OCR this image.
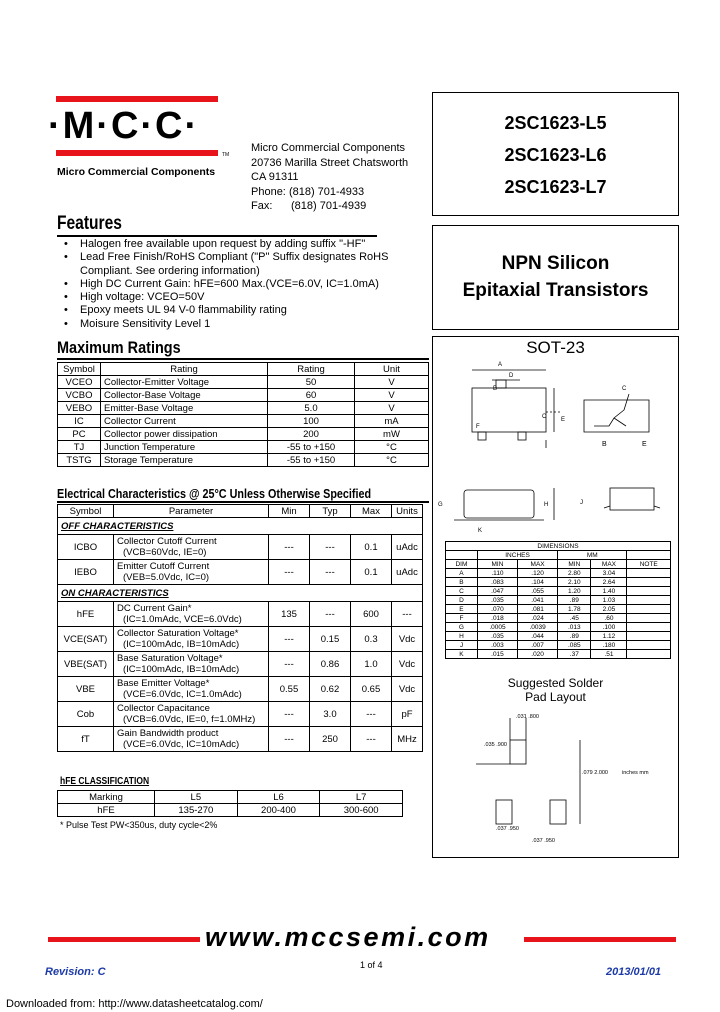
·M·C·C·
TM
Micro Commercial Components
Micro Commercial Components
20736 Marilla Street Chatsworth
CA 91311
Phone: (818) 701-4933
Fax: (818) 701-4939
2SC1623-L5
2SC1623-L6
2SC1623-L7
NPN Silicon
Epitaxial Transistors
Features
• Halogen free available upon request by adding suffix "-HF"
• Lead Free Finish/RoHS Compliant ("P" Suffix designates RoHS Compliant. See ordering information)
• High DC Current Gain: hFE=600 Max.(VCE=6.0V, IC=1.0mA)
• High voltage: VCEO=50V
• Epoxy meets UL 94 V-0 flammability rating
• Moisure Sensitivity Level 1
Maximum Ratings
Symbol	Rating	Rating	Unit
VCEO	Collector-Emitter Voltage	50	V
VCBO	Collector-Base Voltage	60	V
VEBO	Emitter-Base Voltage	5.0	V
IC	Collector Current	100	mA
PC	Collector power dissipation	200	mW
TJ	Junction Temperature	-55 to +150	°C
TSTG	Storage Temperature	-55 to +150	°C
Electrical Characteristics @ 25°C Unless Otherwise Specified
Symbol	Parameter	Min	Typ	Max	Units
OFF CHARACTERISTICS					
ICBO	Collector Cutoff Current
(VCB=60Vdc, IE=0)	---	---	0.1	uAdc
IEBO	Emitter Cutoff Current
(VEB=5.0Vdc, IC=0)	---	---	0.1	uAdc
ON CHARACTERISTICS					
hFE	DC Current Gain*
(IC=1.0mAdc, VCE=6.0Vdc)	135	---	600	---
VCE(SAT)	Collector Saturation Voltage*
(IC=100mAdc, IB=10mAdc)	---	0.15	0.3	Vdc
VBE(SAT)	Base Saturation Voltage*
(IC=100mAdc, IB=10mAdc)	---	0.86	1.0	Vdc
VBE	Base Emitter Voltage*
(VCE=6.0Vdc, IC=1.0mAdc)	0.55	0.62	0.65	Vdc
Cob	Collector Capacitance
(VCB=6.0Vdc, IE=0, f=1.0MHz)	---	3.0	---	pF
fT	Gain Bandwidth product
(VCE=6.0Vdc, IC=10mAdc)	---	250	---	MHz
hFE CLASSIFICATION
Marking	L5	L6	L7
hFE	135-270	200-400	300-600
* Pulse Test PW<350us, duty cycle<2%
SOT-23
A
D
B
C E
F
C
B	E
G	H	J
K
DIMENSIONS					
	INCHES		MM		
DIM	MIN	MAX	MIN	MAX	NOTE
A	.110	.120	2.80	3.04	
B	.083	.104	2.10	2.64	
C	.047	.055	1.20	1.40	
D	.035	.041	.89	1.03	
E	.070	.081	1.78	2.05	
F	.018	.024	.45	.60	
G	.0005	.0039	.013	.100	
H	.035	.044	.89	1.12	
J	.003	.007	.085	.180	
K	.015	.020	.37	.51	
Suggested Solder
Pad Layout
.031 .800
.035 .900
.079 2.000	inches mm
.037 .950
.037 .950
www.mccsemi.com
Revision: C
1 of 4
2013/01/01
Downloaded from: http://www.datasheetcatalog.com/
